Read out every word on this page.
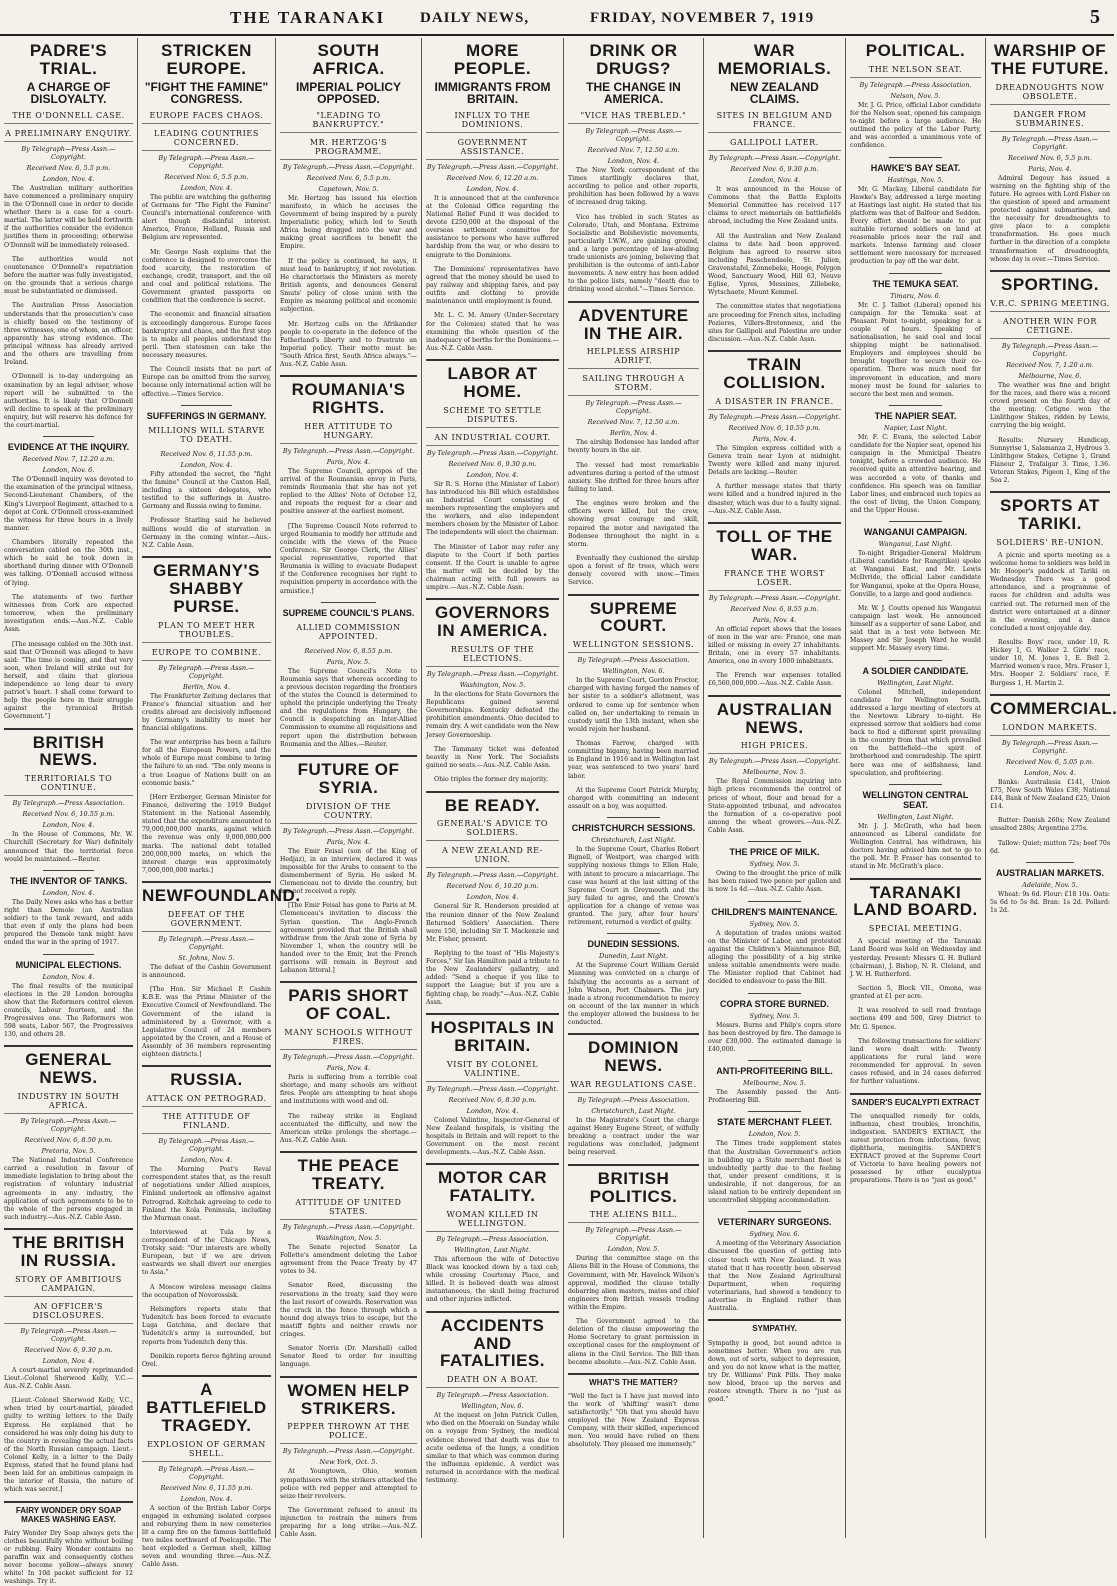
THE TARANAKI DAILY NEWS,	FRIDAY, NOVEMBER 7, 1919	5
PADRE'S TRIAL.
A CHARGE OF DISLOYALTY.
THE O'DONNELL CASE.
A PRELIMINARY ENQUIRY.
By Telegraph—Press Assn.—Copyright.
Received Nov. 6, 5.5 p.m.
London, Nov. 4.

The Australian military authorities have commenced a preliminary enquiry in the O'Donnell case in order to decide whether there is a case for a court-martial. The latter will be held forthwith if the authorities consider the evidence justifies them in proceeding; otherwise O'Donnell will be immediately released.

The authorities would not countenance O'Donnell's repatriation before the matter was fully investigated, on the grounds that a serious charge must be substantiated or dismissed.

The Australian Press Association understands that the prosecution's case is chiefly based on the testimony of three witnesses, one of whom, an officer, apparently has strong evidence. The principal witness has already arrived and the others are travelling from Ireland.

O'Donnell is to-day undergoing an examination by an legal adviser, whose report will be submitted to the authorities. It is likely that O'Donnell will decline to speak at the preliminary enquiry, but will reserve his defence for the court-martial.

EVIDENCE AT THE INQUIRY.
Received Nov. 7, 12.20 a.m.
London, Nov. 6.

The O'Donnell inquiry was devoted to the examination of the principal witness, Second-Lieutenant Chambers, of the King's Liverpool Regiment, attached to a depot at Cork. O'Donnell cross-examined the witness for three hours in a lively manner.

Chambers literally repeated the conversation cabled on the 30th inst., which he said he took down in shorthand during dinner with O'Donnell was talking. O'Donnell accused witness of lying.

The statements of two further witnesses from Cork are expected tomorrow, when the preliminary investigation ends.—Aus.-N.Z. Cable Assn.

[The message cabled on the 30th inst. said that O'Donnell was alleged to have said: "The time is coming, and that very soon, when Ireland will strike out for herself, and claim that glorious independence so long dear to every patriot's heart. I shall come forward to help the people here in their struggle against the tyrannical British Government."]

BRITISH NEWS.
TERRITORIALS TO CONTINUE.
By Telegraph.—Press Association.
Received Nov. 6, 10.55 p.m.
London, Nov. 4.

In the House of Commons, Mr. W. Churchill (Secretary for War) definitely announced that the territorial force would be maintained.—Reuter.

THE INVENTOR OF TANKS.
London, Nov. 4.

The Daily News asks who has a better right than Demole (an Australian soldier) to the tank reward, and adds that even if only the plans had been prepared the Demole tank might have ended the war in the spring of 1917.

MUNICIPAL ELECTIONS.
London, Nov. 4.

The final results of the municipal elections in the 28 London boroughs show that the Reformers control eleven councils, Labour fourteen, and the Progressives one. The Reformers won 598 seats, Labor 567, the Progressives 130, and others 28.

GENERAL NEWS.
INDUSTRY IN SOUTH AFRICA.
By Telegraph.—Press Assn.—Copyright.
Received Nov. 6, 8.50 p.m.
Pretoria, Nov. 5.

The National Industrial Conference carried a resolution in favour of immediate legislation to bring about the registration of voluntary industrial agreements in any industry, the application of such agreements to be to the whole of the persons engaged in such industry.—Aus.-N.Z. Cable Assn.

THE BRITISH IN RUSSIA.
STORY OF AMBITIOUS CAMPAIGN.
AN OFFICER'S DISCLOSURES.
By Telegraph.—Press Assn.—Copyright.
Received Nov. 6, 9.30 p.m.
London, Nov. 4.

A court-martial severely reprimanded Lieut.-Colonel Sherwood Kelly, V.C.—Aus.-N.Z. Cable Assn.

[Lieut.-Colonel Sherwood Kelly, V.C., when tried by court-martial, pleaded guilty to writing letters to the Daily Express. He explained that he considered he was only doing his duty to the country in revealing the actual facts of the North Russian campaign. Lieut.-Colonel Kelly, in a letter to the Daily Express, stated that he found plans had been laid for an ambitious campaign in the interior of Russia, the nature of which was secret.]

FAIRY WONDER DRY SOAP MAKES WASHING EASY.

Fairy Wonder Dry Soap always gets the clothes beautifully white without boiling or rubbing. Fairy Wonder contains no paraffin wax and consequently clothes never become yellow—always snowy white! In 10d packet sufficient for 12 washings. Try it.

STRICKEN EUROPE.
"FIGHT THE FAMINE" CONGRESS.
EUROPE FACES CHAOS.
LEADING COUNTRIES CONCERNED.
By Telegraph.—Press Assn.—Copyright.
Received Nov. 6, 5.5 p.m.
London, Nov. 4.

The public are watching the gathering of Germans for "The Fight the Famine" Council's international conference with alert though disdainful interest. America, France, Holland, Russia and Belgium are represented.

Mr. George Nash explains that the conference is designed to overcome the food scarcity, the restoration of exchange, credit, transport, and the oil and coal and political relations. The Government granted passports on condition that the conference is secret.

The economic and financial situation is exceedingly dangerous. Europe faces bankruptcy and chaos, and the first step is to make all peoples understand the peril. Then statesmen can take the necessary measures.

The Council insists that no part of Europe can be omitted from the survey, because only international action will be effective.—Times Service.

SUFFERINGS IN GERMANY.
MILLIONS WILL STARVE TO DEATH.
Received Nov. 6, 11.55 p.m.
London, Nov. 4.

Fifty attended the secret, the "fight the famine" Council at the Caxton Hall, including a sixteen delegates, who testified to the sufferings in Austro-Germany and Russia owing to famine.

Professor Starling said he believed millions would die of starvation in Germany in the coming winter.—Aus.-N.Z. Cable Assn.

GERMANY'S SHABBY PURSE.
PLAN TO MEET HER TROUBLES.
EUROPE TO COMBINE.
By Telegraph.—Press Assn.—Copyright.
Berlin, Nov. 4.

The Frankfurter Zeitung declares that France's financial situation and her credits abroad are decisively influenced by Germany's inability to meet her financial obligations.

The war enterprise has been a failure for all the European Powers, and the whole of Europe must combine to bring the failure to an end. "The only means is a true League of Nations built on an economic basis."

[Herr Erzberger, German Minister for Finance, delivering the 1919 Budget Statement in the National Assembly, stated that the expenditure amounted to 79,000,000,000 marks, against which the revenue was only 9,000,000,000 marks. The national debt totalled 200,000,000 marks, on which the interest charge was approximately 7,000,000,000 marks.]

NEWFOUNDLAND.
DEFEAT OF THE GOVERNMENT.
By Telegraph.—Press Assn.—Copyright.
St. Johns, Nov. 5.

The defeat of the Cashin Government is announced.

[The Hon. Sir Michael P. Cashin K.B.E. was the Prime Minister of the Executive Council of Newfoundland. The Government of the island is administered by a Governor, with a Legislative Council of 24 members appointed by the Crown, and a House of Assembly of 36 members representing eighteen districts.]

RUSSIA.
ATTACK ON PETROGRAD.
THE ATTITUDE OF FINLAND.
By Telegraph.—Press Assn.—Copyright.
London, Nov. 4.

The Morning Post's Reval correspondent states that, as the result of negotiations under Allied auspices, Finland undertook an offensive against Petrograd. Koltchak agreeing to cede to Finland the Kola Peninsula, including the Murman coast.

Interviewed at Tula by a correspondent of the Chicago News, Trotsky said: "Our interests are wholly European, but if we are driven eastwards we shall divert our energies to Asia."

A Moscow wireless message claims the occupation of Novorossisk.

Helsingfors reports state that Yudenitch has been forced to evacuate Luga Gatchina, and declare that Yudenitch's army is surrounded, but reports from Yudenitch deny this.

Denikin reports fierce fighting around Orel.

A BATTLEFIELD TRAGEDY.
EXPLOSION OF GERMAN SHELL.
By Telegraph.—Press Assn.—Copyright.
Received Nov. 6, 11.55 p.m.
London, Nov. 4.

A section of the British Labor Corps engaged in exhuming isolated corpses and reburying them in new cemeteries lit a camp fire on the famous battlefield two miles northward of Poelcapelle. The heat exploded a German shell, killing seven and wounding three.—Aus.-N.Z. Cable Assn.

SOUTH AFRICA.
IMPERIAL POLICY OPPOSED.
"LEADING TO BANKRUPTCY."
MR. HERTZOG'S PROGRAMME.
By Telegraph.—Press Assn.—Copyright.
Received Nov. 6, 5.5 p.m.
Capetown, Nov. 5.

Mr. Hertzog has issued his election manifesto, in which he accuses the Government of being inspired by a purely Imperialistic policy, which led to South Africa being dragged into the war and making great sacrifices to benefit the Empire.

If the policy is continued, he says, it must lead to bankruptcy, if not revolution. He characterises the Ministers as merely British agents, and denounces General Smuts' policy of close union with the Empire as meaning political and economic subjection.

Mr. Hertzog calls on the Afrikander people to co-operate in the defence of the Fatherland's liberty and to frustrate an Imperial policy. Their motto must be: "South Africa first, South Africa always."—Aus.-N.Z. Cable Assn.

ROUMANIA'S RIGHTS.
HER ATTITUDE TO HUNGARY.
By Telegraph.—Press Assn.—Copyright.
Paris, Nov. 4.

The Supreme Council, apropos of the arrival of the Roumanian envoy in Paris, reminds Roumania that she has not yet replied to the Allies' Note of October 12, and repeats the request for a clear and positive answer at the earliest moment.

[The Supreme Council Note referred to urged Roumania to modify her attitude and coincide with the views of the Peace Conference. Sir George Clerk, the Allies' special representative, reported that Roumania is willing to evacuate Budapest if the Conference recognises her right to requisition property in accordance with the armistice.]

SUPREME COUNCIL'S PLANS.
ALLIED COMMISSION APPOINTED.
Received Nov. 6, 8.55 p.m.
Paris, Nov. 5.

The Supreme Council's Note to Roumania says that whereas according to a previous decision regarding the frontiers of the states the Council is determined to uphold the principle underlying the Treaty and the regulations from Hungary, the Council is despatching an Inter-Allied Commission to examine all requisitions and report upon the distribution between Roumania and the Allies.—Reuter.

FUTURE OF SYRIA.
DIVISION OF THE COUNTRY.
By Telegraph.—Press Assn.—Copyright.
Paris, Nov. 4.

The Emir Feisal (son of the King of Hedjaz), in an interview, declared it was impossible for the Arabs to consent to the dismemberment of Syria. He asked M. Clemenceau not to divide the country, but has not received a reply.

[The Emir Feisal has gone to Paris at M. Clemenceau's invitation to discuss the Syrian question. The Anglo-French agreement provided that the British shall withdraw from the Arab zone of Syria by November 1, when the country will be handed over to the Emir, but the French garrisons will remain in Beyrout and Lebanon littoral.]

PARIS SHORT OF COAL.
MANY SCHOOLS WITHOUT FIRES.
By Telegraph.—Press Assn.—Copyright.
Paris, Nov. 4.

Paris is suffering from a terrible coal shortage, and many schools are without fires. People are attempting to heat shops and institutions with wood and oil.

The railway strike in England accentuated the difficulty, and now the American strike prolongs the shortage.—Aus.-N.Z. Cable Assn.

THE PEACE TREATY.
ATTITUDE OF UNITED STATES.
By Telegraph.—Press Assn.—Copyright.
Washington, Nov. 5.

The Senate rejected Senator La Follette's amendment deleting the Labor agreement from the Peace Treaty by 47 votes to 34.

Senator Reed, discussing the reservations in the treaty, said they were the last resort of cowards. Reservation was the crack in the fence through which a hound dog always tries to escape, but the mastiff fights and neither crawls nor cringes.

Senator Norris (Dr. Marshall) called Senator Reed to order for insulting language.

WOMEN HELP STRIKERS.
PEPPER THROWN AT THE POLICE.
By Telegraph.—Press Assn.—Copyright.
New York, Oct. 5.

At Youngtown, Ohio, women sympathisers with the strikers attacked the police with red pepper and attempted to seize their revolvers.

The Government refused to annul its injunction to restrain the miners from preparing for a long strike.—Aus.-N.Z. Cable Assn.

MORE PEOPLE.
IMMIGRANTS FROM BRITAIN.
INFLUX TO THE DOMINIONS.
GOVERNMENT ASSISTANCE.
By Telegraph.—Press Assn.—Copyright.
Received Nov. 6, 12.20 a.m.
London, Nov. 4.

It is announced that at the conference at the Colonial Office regarding the National Relief Fund it was decided to devote £250,000 at the disposal of the overseas settlement committee for assistance to persons who have suffered hardship from the war, or who desire to emigrate to the Dominions.

The Dominions' representatives have agreed that the money should be used to pay railway and shipping fares, and pay outfits and clothing to provide maintenance until employment is found.

Mr. L. C. M. Amery (Under-Secretary for the Colonies) stated that he was examining the whole question of the inadequacy of berths for the Dominions.—Aus.-N.Z. Cable Assn.

LABOR AT HOME.
SCHEME TO SETTLE DISPUTES.
AN INDUSTRIAL COURT.
By Telegraph.—Press Assn.—Copyright.
Received Nov. 6, 9.30 p.m.
London, Nov. 4.

Sir R. S. Horne (the Minister of Labor) has introduced his Bill which establishes an Industrial Court consisting of members representing the employers and the workers, and also independent members chosen by the Minister of Labor. The independents will elect the chairman.

The Minister of Labor may refer any dispute to the Court if both parties consent. If the Court is unable to agree the matter will be decided by the chairman acting with full powers as umpire.—Aus.-N.Z. Cable Assn.

GOVERNORS IN AMERICA.
RESULTS OF THE ELECTIONS.
By Telegraph.—Press Assn.—Copyright.
Washington, Nov. 5.

In the elections for State Governors the Republicans gained several Governorships. Kentucky defeated the prohibition amendments. Ohio decided to remain dry. A wet candidate won the New Jersey Governorship.

The Tammany ticket was defeated heavily in New York. The Socialists gained no seats.—Aus.-N.Z. Cable Assn.

Ohio triples the former dry majority.

BE READY.
GENERAL'S ADVICE TO SOLDIERS.
A NEW ZEALAND RE-UNION.
By Telegraph.—Press Assn.—Copyright.
Received Nov. 6, 10.20 p.m.
London, Nov. 4.

General Sir R. Henderson presided at the reunion dinner of the New Zealand Returned Soldiers' Association. There were 150, including Sir T. Mackenzie and Mr. Fisher, present.

Replying to the toast of "His Majesty's Forces," Sir Ian Hamilton paid a tribute to the New Zealanders' gallantry, and added: "Send a cheque if you like to support the League; but if you are a fighting chap, be ready."—Aus.-N.Z. Cable Assn.

HOSPITALS IN BRITAIN.
VISIT BY COLONEL VALINTINE.
By Telegraph.—Press Assn.—Copyright.
Received Nov. 6, 8.30 p.m.
London, Nov. 4.

Colonel Valintine, Inspector-General of New Zealand hospitals, is visiting the hospitals in Britain and will report to the Government on the most recent developments.—Aus.-N.Z. Cable Assn.

MOTOR CAR FATALITY.
WOMAN KILLED IN WELLINGTON.
By Telegraph.—Press Association.
Wellington, Last Night.

This afternoon the wife of Detective Black was knocked down by a taxi cab, while crossing Courtenay Place, and killed. It is believed death was almost instantaneous, the skull being fractured and other injuries inflicted.

ACCIDENTS AND FATALITIES.
DEATH ON A BOAT.
By Telegraph.—Press Association.
Wellington, Nov. 6.

At the inquest on John Patrick Cullen, who died on the Moeraki on Sunday while on a voyage from Sydney, the medical evidence showed that death was due to acute oedema of the lungs, a condition similar to that which was common during the influenza epidemic. A verdict was returned in accordance with the medical testimony.

DRINK OR DRUGS?
THE CHANGE IN AMERICA.
"VICE HAS TREBLED."
By Telegraph.—Press Assn.—Copyright.
Received Nov. 7, 12.50 a.m.
London, Nov. 4.

The New York correspondent of the Times startlingly declares that, according to police and other reports, prohibition has been followed by a wave of increased drug taking.

Vice has trebled in such States as Colorado, Utah, and Montana. Extreme Socialistic and Bolshevistic movements, particularly I.W.W., are gaining ground, and a large percentage of law-abiding trade unionists are joining, believing that prohibition is the outcome of anti-Labor movements. A new entry has been added to the police lists, namely "death due to drinking wood alcohol."—Times Service.

ADVENTURE IN THE AIR.
HELPLESS AIRSHIP ADRIFT.
SAILING THROUGH A STORM.
By Telegraph.—Press Assn.—Copyright.
Received Nov. 7, 12.50 a.m.
Berlin, Nov. 4.

The airship Bodensee has landed after twenty hours in the air.

The vessel had most remarkable adventures during a period of the utmost anxiety. She drifted for three hours after failing to land.

The engines were broken and the officers were killed, but the crew, showing great courage and skill, repaired the motor and navigated the Bodensee throughout the night in a storm.

Eventually they cushioned the airship upon a forest of fir trees, which were densely covered with snow.—Times Service.

SUPREME COURT.
WELLINGTON SESSIONS.
By Telegraph.—Press Association.
Wellington, Nov. 6.

In the Supreme Court, Gordon Proctor, charged with having forged the names of her sister to a soldier's allotment, was ordered to come up for sentence when called on, her undertaking to remain in custody until the 13th instant, when she would rejoin her husband.

Thomas Farrow, charged with committing bigamy, having been married in England in 1916 and in Wellington last year, was sentenced to two years' hard labor.

At the Supreme Court Patrick Murphy, charged with committing an indecent assault on a boy, was acquitted.

CHRISTCHURCH SESSIONS.
Christchurch, Last Night.

In the Supreme Court, Charles Robert Bignell, of Westport, was charged with supplying noxious things to Ellen Hale, with intent to procure a miscarriage. The case was heard at the last sitting of the Supreme Court in Greymouth and the jury failed to agree, and the Crown's application for a change of venue was granted. The jury, after four hours' retirement, returned a verdict of guilty.

DUNEDIN SESSIONS.
Dunedin, Last Night.

At the Supreme Court William Gerald Manning was convicted on a charge of falsifying the accounts as a servant of John Watson, Port Chalmers. The jury made a strong recommendation to mercy on account of the lax manner in which the employer allowed the business to be conducted.

DOMINION NEWS.
WAR REGULATIONS CASE.
By Telegraph.—Press Association.
Christchurch, Last Night.

In the Magistrate's Court the charge against Henry Eugene Street, of wilfully breaking a contract under the war regulations was concluded, judgment being reserved.

BRITISH POLITICS.
THE ALIENS BILL.
By Telegraph.—Press Assn.—Copyright.
London, Nov. 5.

During the committee stage on the Aliens Bill in the House of Commons, the Government, with Mr. Havelock Wilson's approval, modified the clause totally debarring alien masters, mates and chief engineers from British vessels trading within the Empire.

The Government agreed to the deletion of the clause empowering the Home Secretary to grant permission in exceptional cases for the employment of aliens in the Civil Service. The Bill then became absolute.—Aus.-N.Z. Cable Assn.

WHAT'S THE MATTER?

"Well the fact is I have just moved into the work of 'shifting' wasn't done satisfactorily." "Oh that you should have employed the New Zealand Express Company, with their skilled, experienced men. You would have relied on them absolutely. They pleased me immensely."

WAR MEMORIALS.
NEW ZEALAND CLAIMS.
SITES IN BELGIUM AND FRANCE.
GALLIPOLI LATER.
By Telegraph.—Press Assn.—Copyright.
Received Nov. 6, 9.30 p.m.
London, Nov. 4.

It was announced in the House of Commons that the Battle Exploits Memorial Committee has received 117 claims to erect memorials on battlefields abroad, including the New Zealand units.

All the Australian and New Zealand claims to date had been approved. Belgium has agreed to reserve sites including Passchendaele, St. Julien, Gravenstafel, Zonnebeke, Hooge, Polygon Wood, Sanctuary Wood, Hill 63, Neuve Eglise, Ypres, Messines, Zillebeke, Wytschaete, Mount Kemmel.

The committee states that negotiations are proceeding for French sites, including Pozieres, Villers-Bretonneux, and the sites for Gallipoli and Palestine are under discussion.—Aus.-N.Z. Cable Assn.

TRAIN COLLISION.
A DISASTER IN FRANCE.
By Telegraph.—Press Assn.—Copyright.
Received Nov. 6, 10.55 p.m.
Paris, Nov. 4.

The Simplon express collided with a Geneva train near Lyon at midnight. Twenty were killed and many injured. Details are lacking.—Reuter.

A further message states that thirty were killed and a hundred injured in the disaster, which was due to a faulty signal.—Aus.-N.Z. Cable Assn.

TOLL OF THE WAR.
FRANCE THE WORST LOSER.
By Telegraph.—Press Assn.—Copyright.
Received Nov. 6, 8.55 p.m.
Paris, Nov. 4.

An official report shows that the losses of men in the war are: France, one man killed or missing in every 27 inhabitants. Britain, one in every 57 inhabitants. America, one in every 1000 inhabitants.

The French war expenses totalled £6,560,000,000.—Aus.-N.Z. Cable Assn.

AUSTRALIAN NEWS.
HIGH PRICES.
By Telegraph.—Press Assn.—Copyright.
Melbourne, Nov. 5.

The Royal Commission inquiring into high prices recommends the control of prices of wheat, flour and bread for a State-appointed tribunal, and advocates the formation of a co-operative pool among the wheat growers.—Aus.-N.Z. Cable Assn.

THE PRICE OF MILK.
Sydney, Nov. 5.

Owing to the drought the price of milk has been raised two pence per gallon and is now 1s 4d.—Aus.-N.Z. Cable Assn.

CHILDREN'S MAINTENANCE.
Sydney, Nov. 5.

A deputation of trades unions waited on the Minister of Labor, and protested against the Children's Maintenance Bill, alleging the possibility of a big strike unless suitable amendments were made. The Minister replied that Cabinet had decided to endeavour to pass the Bill.

COPRA STORE BURNED.
Sydney, Nov. 5.

Messrs. Burns and Philp's copra store has been destroyed by fire. The damage is over £30,000. The estimated damage is £40,000.

ANTI-PROFITEERING BILL.
Melbourne, Nov. 5.

The Assembly passed the Anti-Profiteering Bill.

STATE MERCHANT FLEET.
London, Nov. 5.

The Times trade supplement states that the Australian Government's action in building up a State merchant fleet is undoubtedly partly due to the feeling that, under present conditions, it is undesirable, if not dangerous, for an island nation to be entirely dependent on uncontrolled shipping accommodation.

VETERINARY SURGEONS.
Sydney, Nov. 6.

A meeting of the Veterinary Association discussed the question of getting into closer touch with New Zealand. It was stated that it has recently been observed that the New Zealand Agricultural Department, when requiring veterinarians, had showed a tendency to advertise in England rather than Australia.

SYMPATHY.

Sympathy is good, but sound advice is sometimes better. When you are run down, out of sorts, subject to depression, and you do not know what is the matter, try Dr. Williams' Pink Pills. They make new blood, brace up the nerves and restore strength. There is no "just as good."

POLITICAL.
THE NELSON SEAT.
By Telegraph.—Press Association.
Nelson, Nov. 5.

Mr. J. G. Price, official Labor candidate for the Nelson seat, opened his campaign to-night before a large audience. He outlined the policy of the Labor Party, and was accorded a unanimous vote of confidence.

HAWKE'S BAY SEAT.
Hastings, Nov. 5.

Mr. G. Mackay, Liberal candidate for Hawke's Bay, addressed a large meeting at Hastings last night. He stated that his platform was that of Balfour and Seddon. Every effort should be made to put suitable returned soldiers on land at reasonable prices near the rail and markets. Intense farming and closer settlement were necessary for increased production to pay off the war debt.

THE TEMUKA SEAT.
Timaru, Nov. 6.

Mr. C. J. Talbot (Liberal) opened his campaign for the Temuka seat at Pleasant Point to-night, speaking for a couple of hours. Speaking of nationalisation, he said coal and local shipping might be nationalised. Employers and employees should be brought together to secure their co-operation. There was much need for improvement in education, and more money must be found for salaries to secure the best men and women.

THE NAPIER SEAT.
Napier, Last Night.

Mr. F. C. Evans, the selected Labor candidate for the Napier seat, opened his campaign in the Municipal Theatre tonight, before a crowded audience. He received quite an attentive hearing, and was accorded a vote of thanks and confidence. His speech was on familiar Labor lines, and embraced such topics as the cost of living, the Union Company, and the Upper House.

WANGANUI CAMPAIGN.
Wanganui, Last Night.

To-night Brigadier-General Meldrum (Liberal candidate for Rangitikei) spoke at Wanganui East, and Mr. Lewis McIlvride, the official Labor candidate for Wanganui, spoke at the Opera House, Gonville, to a large and good audience.

Mr. W. J. Coutts opened his Wanganui campaign last week. He announced himself as a supporter of sane Labor, and said that in a test vote between Mr. Massey and Sir Joseph Ward he would support Mr. Massey every time.

A SOLDIER CANDIDATE.
Wellington, Last Night.

Colonel Mitchell, independent candidate for Wellington South, addressed a large meeting of electors at the Newtown Library to-night. He expressed sorrow that soldiers had come back to find a different spirit prevailing in the country from that which prevailed on the battlefield—the spirit of brotherhood and comradeship. The spirit here was one of selfishness, land speculation, and profiteering.

WELLINGTON CENTRAL SEAT.
Wellington, Last Night.

Mr. J. J. McGrath, who had been announced as Liberal candidate for Wellington Central, has withdrawn, his doctors having advised him not to go to the poll. Mr. P. Fraser has consented to stand in Mr. McGrath's place.

TARANAKI LAND BOARD.
SPECIAL MEETING.

A special meeting of the Taranaki Land Board was held on Wednesday and yesterday. Present: Messrs G. H. Bullard (chairman), J. Bishop, N. R. Cleland, and J. W. H. Rutherford.

Section 5, Block VII., Omona, was granted at £1 per acre.

It was resolved to sell road frontage sections 499 and 500, Grey District to Mr. G. Spence.

The following transactions for soldiers' land were dealt with: Twenty applications for rural land were recommended for approval. In seven cases refused, and in 24 cases deferred for further valuations.

SANDER'S EUCALYPTI EXTRACT

The unequalled remedy for colds, influenza, chest troubles, bronchitis, indigestion. SANDER'S EXTRACT, the surest protection from infections, fever, diphtheria, meningitis. SANDER'S EXTRACT proved at the Supreme Court of Victoria to have healing powers not possessed by other eucalyptus preparations. There is no "just as good."

WARSHIP OF THE FUTURE.
DREADNOUGHTS NOW OBSOLETE.
DANGER FROM SUBMARINES.
By Telegraph.—Press Assn.—Copyright.
Received Nov. 6, 5.5 p.m.
Paris, Nov. 4.

Admiral Degouy has issued a warning on the fighting ship of the future. He agrees with Lord Fisher on the question of speed and armament protected against submarines, and the necessity for dreadnoughts to give place to a complete transformation. He goes much further in the direction of a complete transformation of dreadnoughts, whose day is over.—Times Service.

SPORTING.
V.R.C. SPRING MEETING.
ANOTHER WIN FOR CETIGNE.
By Telegraph.—Press Assn.—Copyright.
Received Nov. 7, 1.20 a.m.
Melbourne, Nov. 6.

The weather was fine and bright for the races, and there was a record crowd present on the fourth day of the meeting. Cetigne won the Linlithgow Stakes, ridden by Lewis, carrying the big weight.

Results: Nursery Handicap, Sunnyrise 1, Salamanza 2, Hydrous 3. Linlithgow Stakes, Cetigne 1, Grand Flaneur 2, Trafalgar 3. Time, 1.36. Veteran Stakes, Pigeon 1, King of the Sea 2.

SPORTS AT TARIKI.
SOLDIERS' RE-UNION.

A picnic and sports meeting as a welcome home to soldiers was held in Mr. Hooper's paddock at Tariki on Wednesday. There was a good attendance, and a programme of races for children and adults was carried out. The returned men of the district were entertained at a dinner in the evening, and a dance concluded a most enjoyable day.

Results: Boys' race, under 10, R. Hickey 1, G. Walker 2. Girls' race, under 10, M. Jones 1, E. Bell 2. Married women's race, Mrs. Fraser 1, Mrs. Hooper 2. Soldiers' race, F. Burgess 1, H. Martin 2.

COMMERCIAL.
LONDON MARKETS.
By Telegraph.—Press Assn.—Copyright.
Received Nov. 6, 5.05 p.m.
London, Nov. 4.

Banks: Australasia £141, Union £75, New South Wales £38, National £44, Bank of New Zealand £25, Union £14.

Butter: Danish 260s; New Zealand unsalted 280s; Argentine 275s.

Tallow: Quiet; mutton 72s; beef 70s 6d.

AUSTRALIAN MARKETS.
Adelaide, Nov. 5.

Wheat: 9s 6d. Flour: £18 10s. Oats: 5s 6d to 5s 8d. Bran: 1s 2d. Pollard: 1s 2d.
